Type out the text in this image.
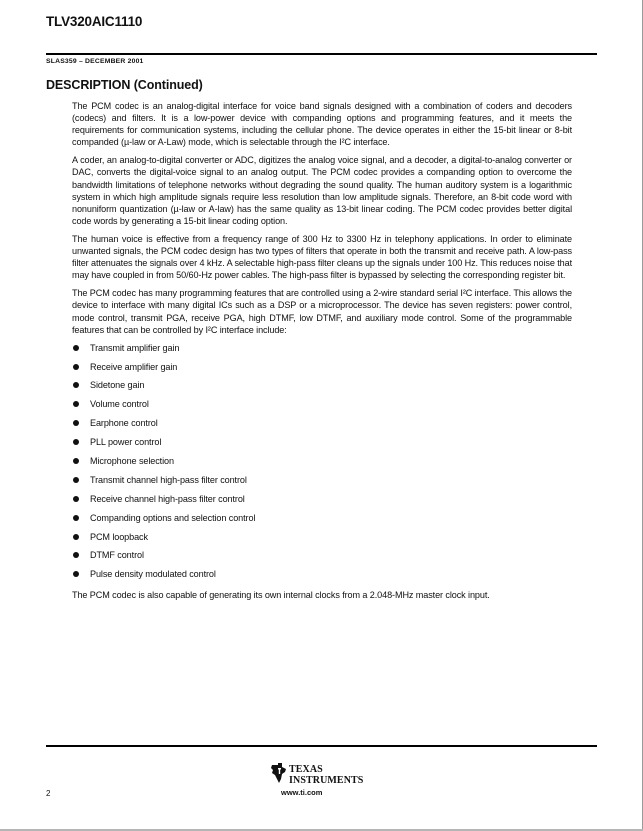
TLV320AIC1110
SLAS359 – DECEMBER 2001
DESCRIPTION (Continued)

The PCM codec is an analog-digital interface for voice band signals designed with a combination of coders and decoders (codecs) and filters. It is a low-power device with companding options and programming features, and it meets the requirements for communication systems, including the cellular phone. The device operates in either the 15-bit linear or 8-bit companded (µ-law or A-Law) mode, which is selectable through the I²C interface.

A coder, an analog-to-digital converter or ADC, digitizes the analog voice signal, and a decoder, a digital-to-analog converter or DAC, converts the digital-voice signal to an analog output. The PCM codec provides a companding option to overcome the bandwidth limitations of telephone networks without degrading the sound quality. The human auditory system is a logarithmic system in which high amplitude signals require less resolution than low amplitude signals. Therefore, an 8-bit code word with nonuniform quantization (µ-law or A-law) has the same quality as 13-bit linear coding. The PCM codec provides better digital code words by generating a 15-bit linear coding option.

The human voice is effective from a frequency range of 300 Hz to 3300 Hz in telephony applications. In order to eliminate unwanted signals, the PCM codec design has two types of filters that operate in both the transmit and receive path. A low-pass filter attenuates the signals over 4 kHz. A selectable high-pass filter cleans up the signals under 100 Hz. This reduces noise that may have coupled in from 50/60-Hz power cables. The high-pass filter is bypassed by selecting the corresponding register bit.

The PCM codec has many programming features that are controlled using a 2-wire standard serial I²C interface. This allows the device to interface with many digital ICs such as a DSP or a microprocessor. The device has seven registers: power control, mode control, transmit PGA, receive PGA, high DTMF, low DTMF, and auxiliary mode control. Some of the programmable features that can be controlled by I²C interface include:

Transmit amplifier gain
Receive amplifier gain
Sidetone gain
Volume control
Earphone control
PLL power control
Microphone selection
Transmit channel high-pass filter control
Receive channel high-pass filter control
Companding options and selection control
PCM loopback
DTMF control
Pulse density modulated control

The PCM codec is also capable of generating its own internal clocks from a 2.048-MHz master clock input.

2
TEXAS
INSTRUMENTS
www.ti.com
